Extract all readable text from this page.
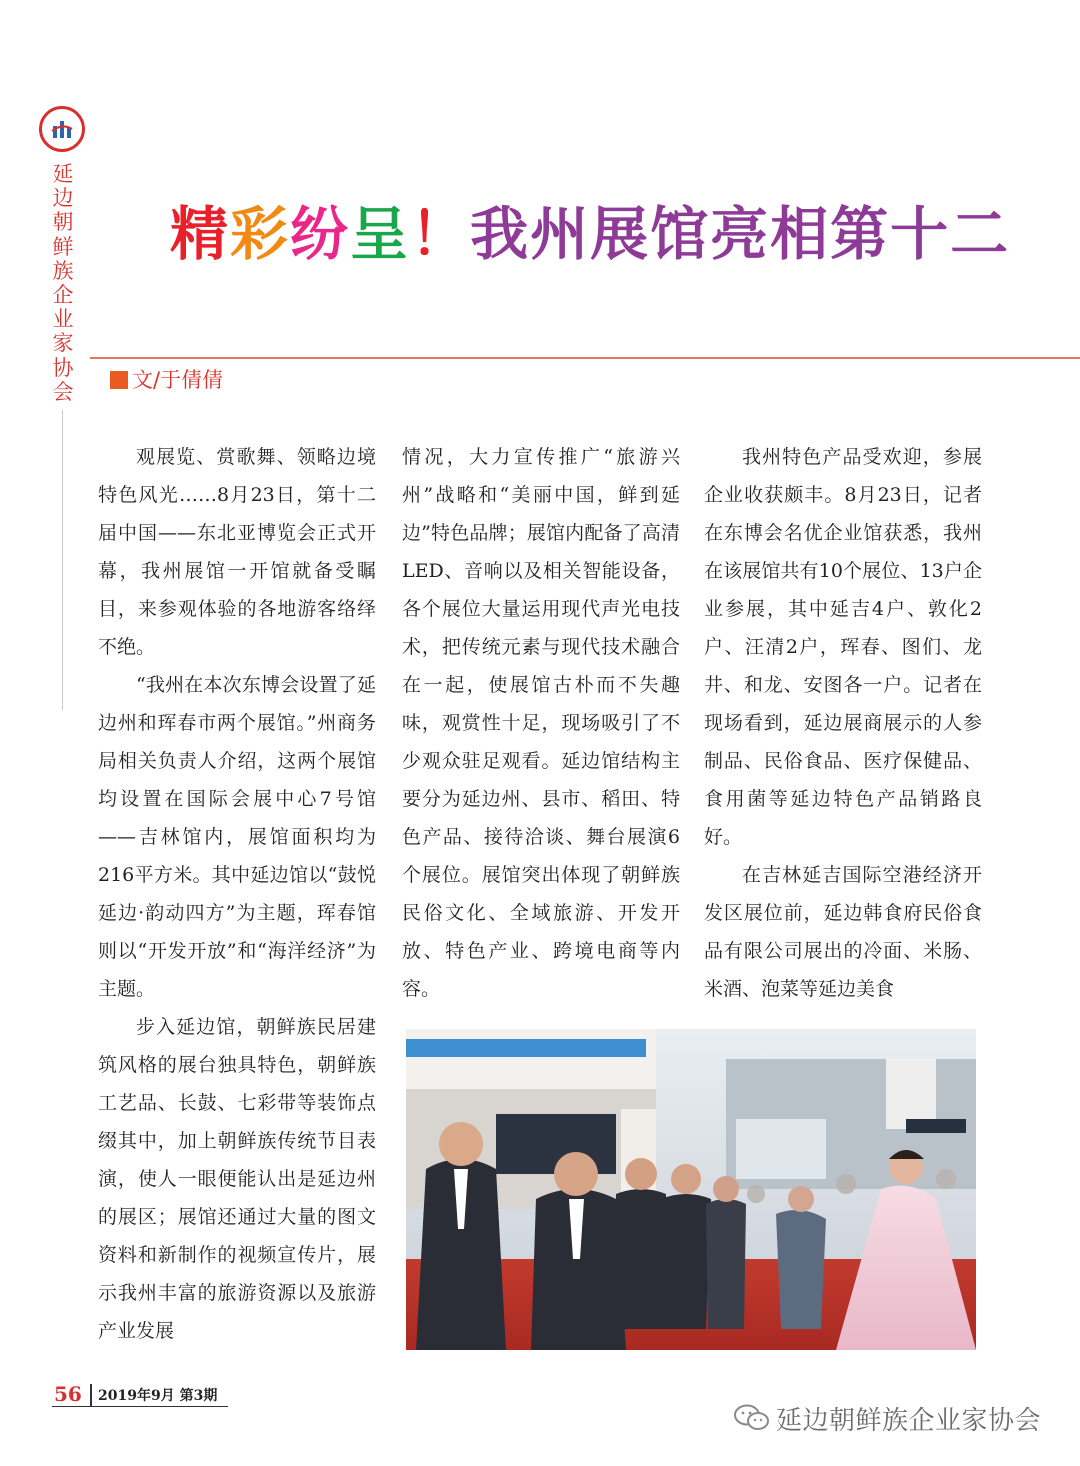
延边朝鲜族企业家协会
精彩纷呈！我州展馆亮相第十二
文/于倩倩

观展览、赏歌舞、领略边境特色风光……8月23日，第十二届中国——东北亚博览会正式开幕，我州展馆一开馆就备受瞩目，来参观体验的各地游客络绎不绝。

“我州在本次东博会设置了延边州和珲春市两个展馆。”州商务局相关负责人介绍，这两个展馆均设置在国际会展中心7号馆——吉林馆内，展馆面积均为216平方米。其中延边馆以“鼓悦延边·韵动四方”为主题，珲春馆则以“开发开放”和“海洋经济”为主题。

步入延边馆，朝鲜族民居建筑风格的展台独具特色，朝鲜族工艺品、长鼓、七彩带等装饰点缀其中，加上朝鲜族传统节目表演，使人一眼便能认出是延边州的展区；展馆还通过大量的图文资料和新制作的视频宣传片，展示我州丰富的旅游资源以及旅游产业发展

情况，大力宣传推广“旅游兴州”战略和“美丽中国，鲜到延边”特色品牌；展馆内配备了高清LED、音响以及相关智能设备，各个展位大量运用现代声光电技术，把传统元素与现代技术融合在一起，使展馆古朴而不失趣味，观赏性十足，现场吸引了不少观众驻足观看。延边馆结构主要分为延边州、县市、稻田、特色产品、接待洽谈、舞台展演6个展位。展馆突出体现了朝鲜族民俗文化、全域旅游、开发开放、特色产业、跨境电商等内容。

我州特色产品受欢迎，参展企业收获颇丰。8月23日，记者在东博会名优企业馆获悉，我州在该展馆共有10个展位、13户企业参展，其中延吉4户、敦化2户、汪清2户，珲春、图们、龙井、和龙、安图各一户。记者在现场看到，延边展商展示的人参制品、民俗食品、医疗保健品、食用菌等延边特色产品销路良好。

在吉林延吉国际空港经济开发区展位前，延边韩食府民俗食品有限公司展出的冷面、米肠、米酒、泡菜等延边美食

56 2019年9月 第3期
延边朝鲜族企业家协会
